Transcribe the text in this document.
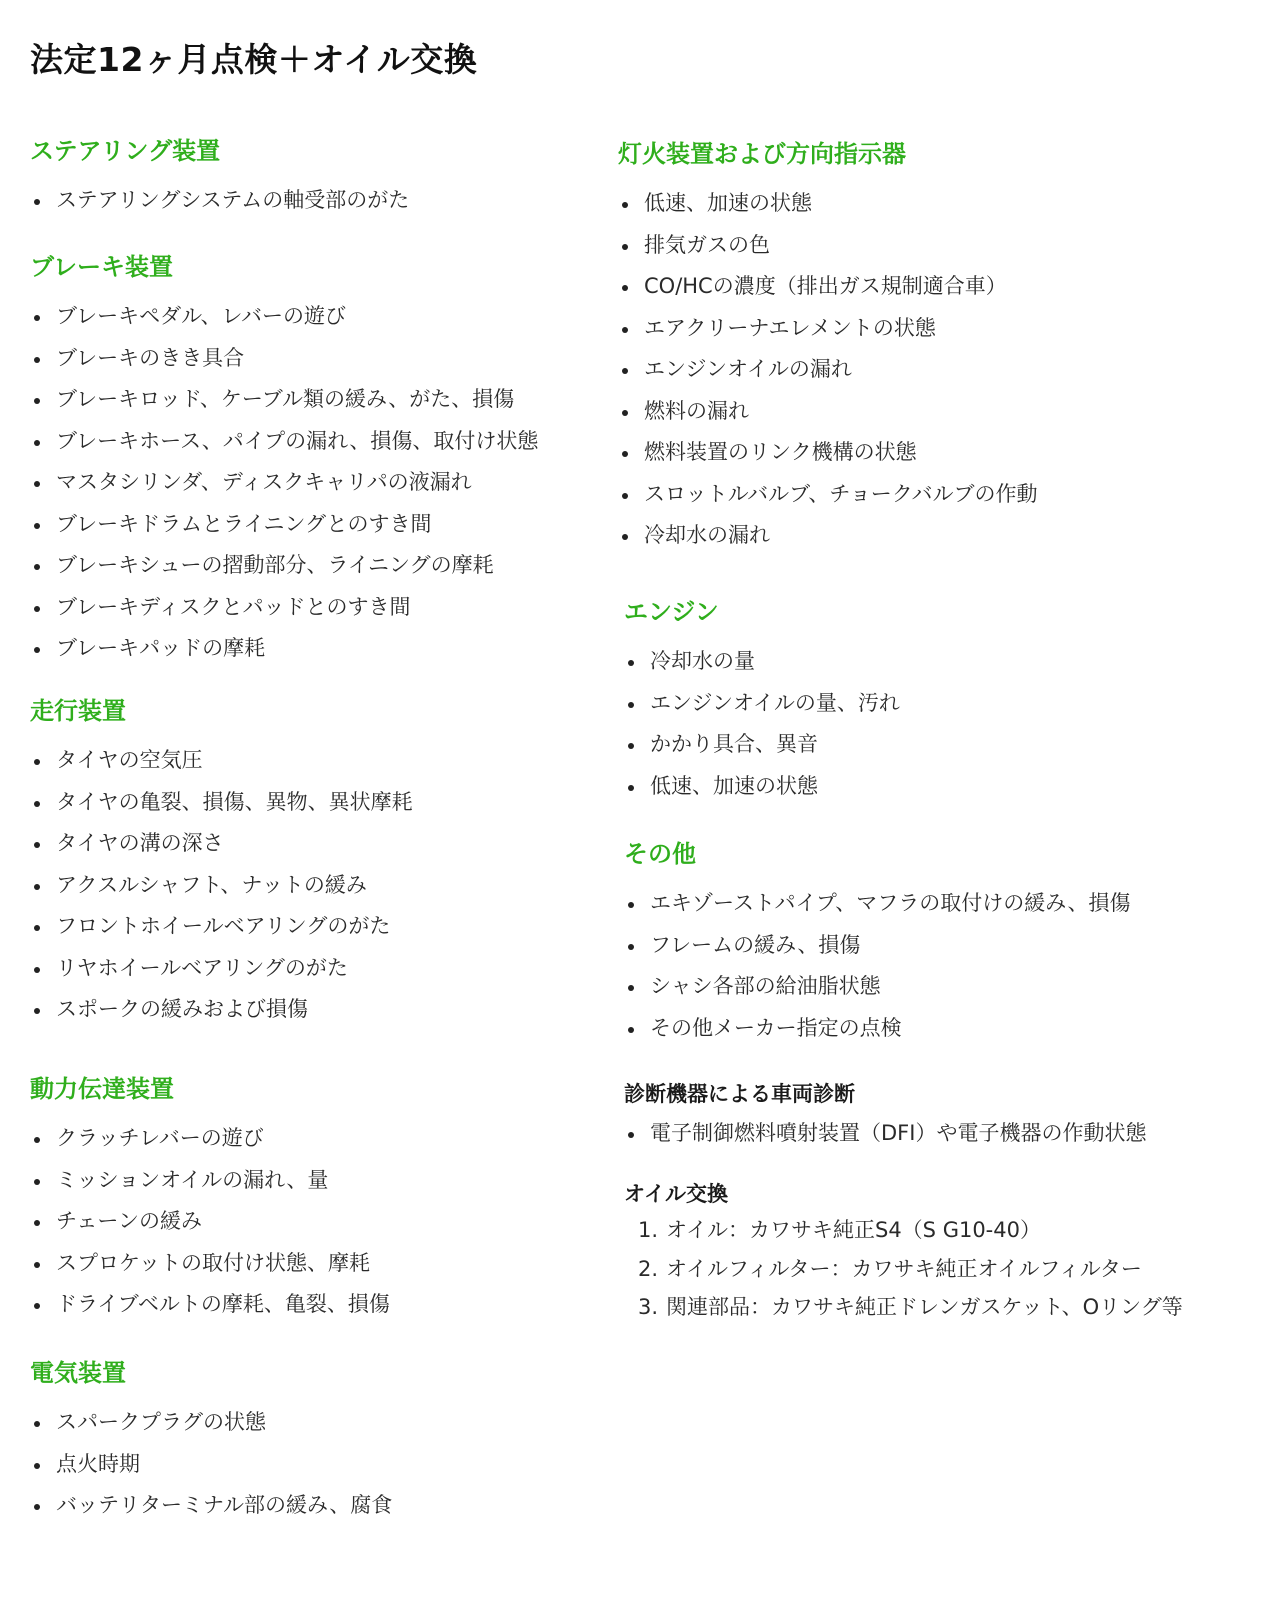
法定12ヶ月点検＋オイル交換
ステアリング装置
ステアリングシステムの軸受部のがた
ブレーキ装置
ブレーキペダル、レバーの遊び
ブレーキのきき具合
ブレーキロッド、ケーブル類の緩み、がた、損傷
ブレーキホース、パイプの漏れ、損傷、取付け状態
マスタシリンダ、ディスクキャリパの液漏れ
ブレーキドラムとライニングとのすき間
ブレーキシューの摺動部分、ライニングの摩耗
ブレーキディスクとパッドとのすき間
ブレーキパッドの摩耗
走行装置
タイヤの空気圧
タイヤの亀裂、損傷、異物、異状摩耗
タイヤの溝の深さ
アクスルシャフト、ナットの緩み
フロントホイールベアリングのがた
リヤホイールベアリングのがた
スポークの緩みおよび損傷
動力伝達装置
クラッチレバーの遊び
ミッションオイルの漏れ、量
チェーンの緩み
スプロケットの取付け状態、摩耗
ドライブベルトの摩耗、亀裂、損傷
電気装置
スパークプラグの状態
点火時期
バッテリターミナル部の緩み、腐食
灯火装置および方向指示器
低速、加速の状態
排気ガスの色
CO/HCの濃度（排出ガス規制適合車）
エアクリーナエレメントの状態
エンジンオイルの漏れ
燃料の漏れ
燃料装置のリンク機構の状態
スロットルバルブ、チョークバルブの作動
冷却水の漏れ
エンジン
冷却水の量
エンジンオイルの量、汚れ
かかり具合、異音
低速、加速の状態
その他
エキゾーストパイプ、マフラの取付けの緩み、損傷
フレームの緩み、損傷
シャシ各部の給油脂状態
その他メーカー指定の点検
診断機器による車両診断
電子制御燃料噴射装置（DFI）や電子機器の作動状態
オイル交換
1. オイル：カワサキ純正S4（S G10-40）
2. オイルフィルター：カワサキ純正オイルフィルター
3. 関連部品：カワサキ純正ドレンガスケット、Oリング等
